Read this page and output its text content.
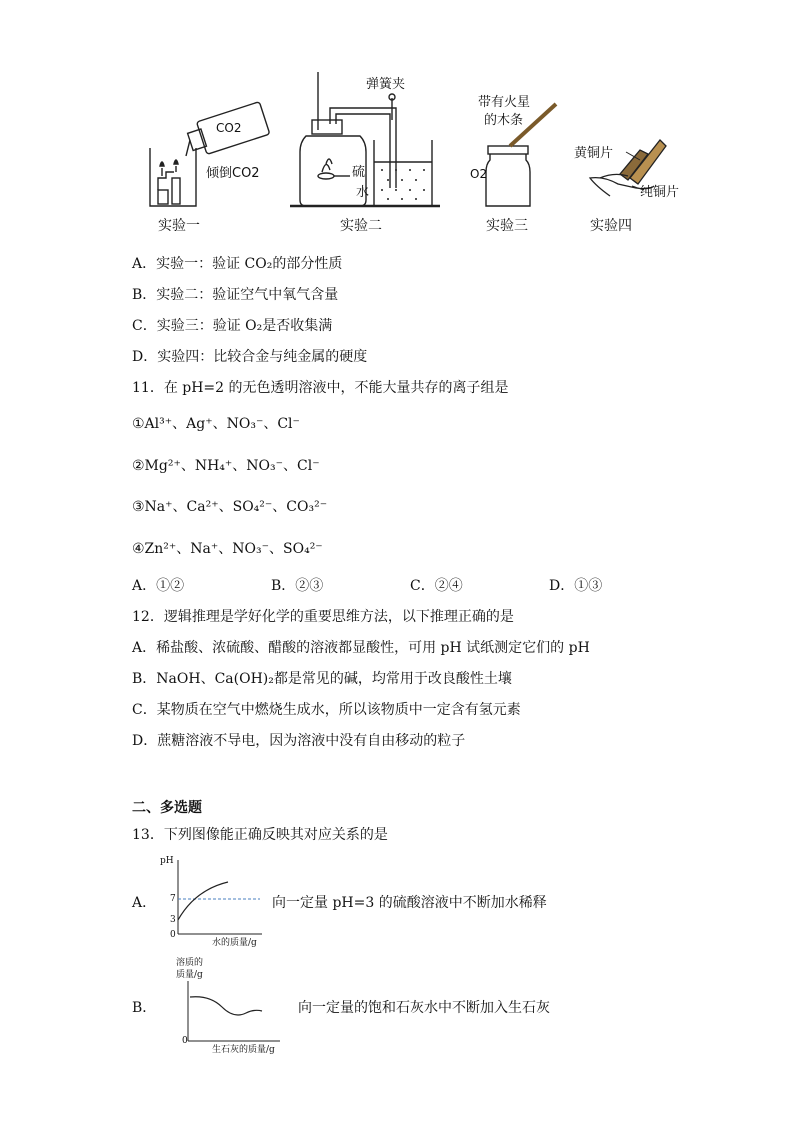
CO2
倾倒CO2
弹簧夹
硫
水
带有火星
的木条
O2
黄铜片
纯铜片
实验一	实验二	实验三	实验四
A．实验一：验证 CO₂的部分性质
B．实验二：验证空气中氧气含量
C．实验三：验证 O₂是否收集满
D．实验四：比较合金与纯金属的硬度
11．在 pH=2 的无色透明溶液中，不能大量共存的离子组是
①Al³⁺、Ag⁺、NO₃⁻、Cl⁻
②Mg²⁺、NH₄⁺、NO₃⁻、Cl⁻
③Na⁺、Ca²⁺、SO₄²⁻、CO₃²⁻
④Zn²⁺、Na⁺、NO₃⁻、SO₄²⁻
A．①②	B．②③	C．②④	D．①③
12．逻辑推理是学好化学的重要思维方法，以下推理正确的是
A．稀盐酸、浓硫酸、醋酸的溶液都显酸性，可用 pH 试纸测定它们的 pH
B．NaOH、Ca(OH)₂都是常见的碱，均常用于改良酸性土壤
C．某物质在空气中燃烧生成水，所以该物质中一定含有氢元素
D．蔗糖溶液不导电，因为溶液中没有自由移动的粒子
二、多选题
13．下列图像能正确反映其对应关系的是
A．
pH
7
3
0
水的质量/g
向一定量 pH=3 的硫酸溶液中不断加水稀释
B．
溶质的
质量/g
0
生石灰的质量/g
向一定量的饱和石灰水中不断加入生石灰
